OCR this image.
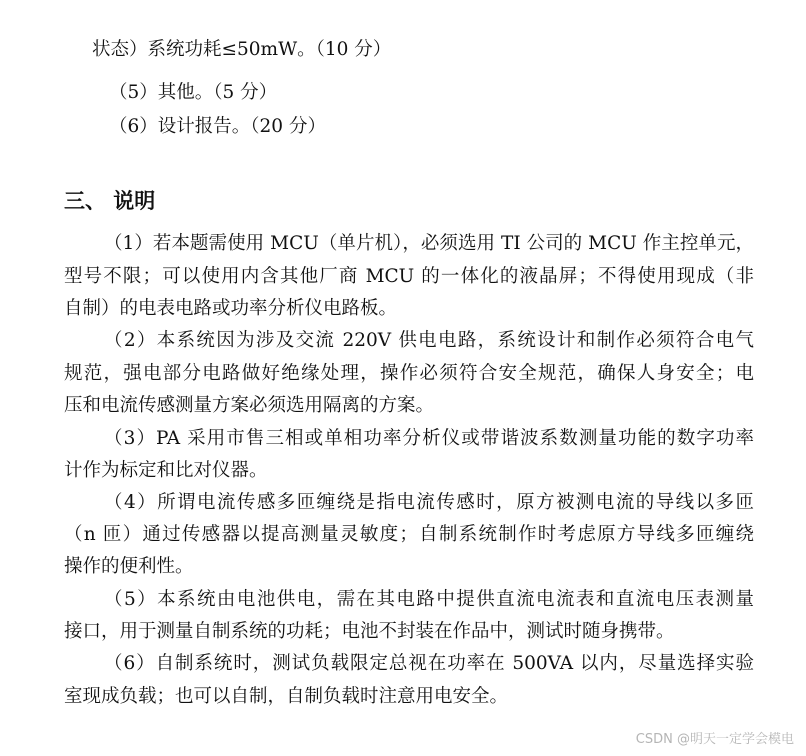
状态）系统功耗≤50mW。（10 分）
（5）其他。（5 分）
（6）设计报告。（20 分）
三、 说明
（1）若本题需使用 MCU（单片机），必须选用 TI 公司的 MCU 作主控单元，
型号不限；可以使用内含其他厂商 MCU 的一体化的液晶屏；不得使用现成（非
自制）的电表电路或功率分析仪电路板。
（2）本系统因为涉及交流 220V 供电电路，系统设计和制作必须符合电气
规范，强电部分电路做好绝缘处理，操作必须符合安全规范，确保人身安全；电
压和电流传感测量方案必须选用隔离的方案。
（3）PA 采用市售三相或单相功率分析仪或带谐波系数测量功能的数字功率
计作为标定和比对仪器。
（4）所谓电流传感多匝缠绕是指电流传感时，原方被测电流的导线以多匝
（n 匝）通过传感器以提高测量灵敏度；自制系统制作时考虑原方导线多匝缠绕
操作的便利性。
（5）本系统由电池供电，需在其电路中提供直流电流表和直流电压表测量
接口，用于测量自制系统的功耗；电池不封装在作品中，测试时随身携带。
（6）自制系统时，测试负载限定总视在功率在 500VA 以内，尽量选择实验
室现成负载；也可以自制，自制负载时注意用电安全。
CSDN @明天一定学会模电
